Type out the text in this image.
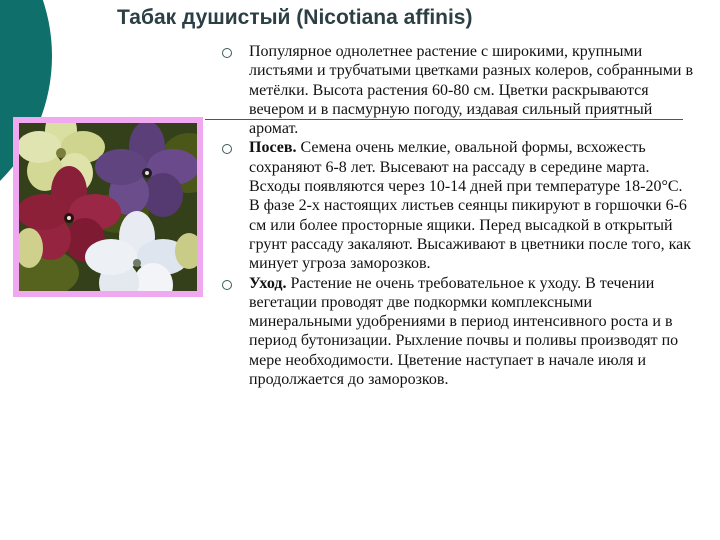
Табак душистый (Nicotiana affinis)
Популярное однолетнее растение с широкими, крупными листьями и трубчатыми цветками разных колеров, собранными в метёлки. Высота растения 60-80 см. Цветки раскрываются вечером и в пасмурную погоду, издавая сильный приятный аромат.
Посев. Семена очень мелкие, овальной формы, всхожесть сохраняют 6-8 лет. Высевают на рассаду в середине марта. Всходы появляются через 10-14 дней при температуре 18-20°С. В фазе 2-х настоящих листьев сеянцы пикируют в горшочки 6-6 см или более просторные ящики. Перед высадкой в открытый грунт рассаду закаляют. Высаживают в цветники после того, как минует угроза заморозков.
Уход. Растение не очень требовательное к уходу. В течении вегетации проводят две подкормки комплексными минеральными удобрениями в период интенсивного роста и в период бутонизации. Рыхление почвы и поливы производят по мере необходимости. Цветение наступает в начале июля и продолжается до заморозков.
